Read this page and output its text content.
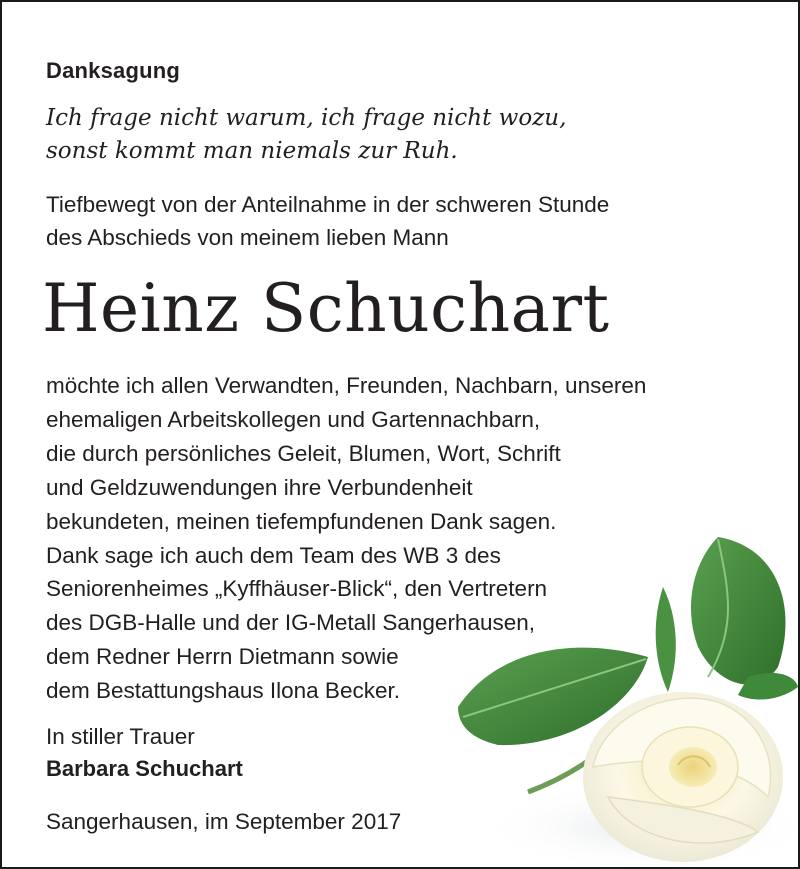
Danksagung
Ich frage nicht warum, ich frage nicht wozu,
sonst kommt man niemals zur Ruh.
Tiefbewegt von der Anteilnahme in der schweren Stunde
des Abschieds von meinem lieben Mann
Heinz Schuchart
möchte ich allen Verwandten, Freunden, Nachbarn, unseren
ehemaligen Arbeitskollegen und Gartennachbarn,
die durch persönliches Geleit, Blumen, Wort, Schrift
und Geldzuwendungen ihre Verbundenheit
bekundeten, meinen tiefempfundenen Dank sagen.
Dank sage ich auch dem Team des WB 3 des
Seniorenheimes „Kyffhäuser-Blick“, den Vertretern
des DGB-Halle und der IG-Metall Sangerhausen,
dem Redner Herrn Dietmann sowie
dem Bestattungshaus Ilona Becker.
In stiller Trauer
Barbara Schuchart
Sangerhausen, im September 2017
